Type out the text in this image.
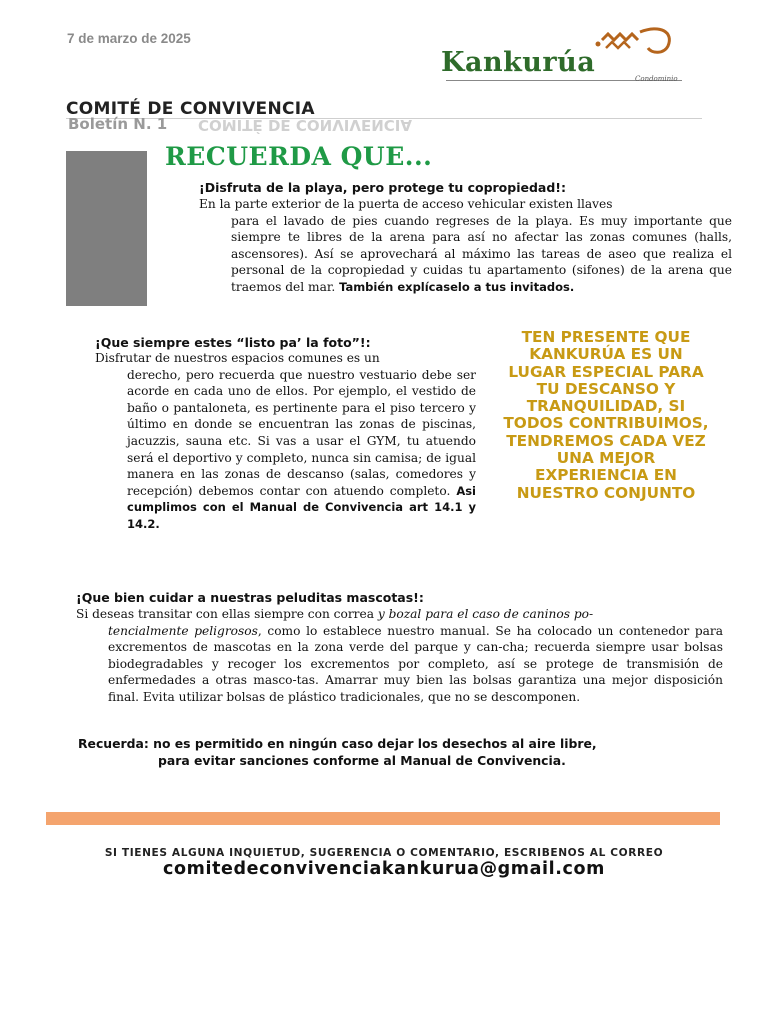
7 de marzo de 2025
Kankurúa
Condominio
COMITÉ DE CONVIVENCIA
COMITÉ DE CONVIVENCIA
Boletín N. 1
RECUERDA QUE...
¡Disfruta de la playa, pero protege tu copropiedad!:
En la parte exterior de la puerta de acceso vehicular existen llaves
para el lavado de pies cuando regreses de la playa. Es muy importante que siempre te libres de la arena para así no afectar las zonas comunes (halls, ascensores). Así se aprovechará al máximo las tareas de aseo que realiza el personal de la copropiedad y cuidas tu apartamento (sifones) de la arena que traemos del mar. También explícaselo a tus invitados.
¡Que siempre estes “listo pa’ la foto”!:
Disfrutar de nuestros espacios comunes es un
derecho, pero recuerda que nuestro vestuario debe ser acorde en cada uno de ellos. Por ejemplo, el vestido de baño o pantaloneta, es pertinente para el piso tercero y último en donde se encuentran las zonas de piscinas, jacuzzis, sauna etc. Si vas a usar el GYM, tu atuendo será el deportivo y completo, nunca sin camisa; de igual manera en las zonas de descanso (salas, comedores y recepción) debemos contar con atuendo completo. Asi cumplimos con el Manual de Convivencia art 14.1 y 14.2.
TEN PRESENTE QUE KANKURÚA ES UN LUGAR ESPECIAL PARA TU DESCANSO Y TRANQUILIDAD, SI TODOS CONTRIBUIMOS, TENDREMOS CADA VEZ UNA MEJOR EXPERIENCIA EN NUESTRO CONJUNTO
¡Que bien cuidar a nuestras peluditas mascotas!:
Si deseas transitar con ellas siempre con correa y bozal para el caso de caninos po-
tencialmente peligrosos, como lo establece nuestro manual. Se ha colocado un contenedor para excrementos de mascotas en la zona verde del parque y can-cha; recuerda siempre usar bolsas biodegradables y recoger los excrementos por completo, así se protege de transmisión de enfermedades a otras masco-tas. Amarrar muy bien las bolsas garantiza una mejor disposición final. Evita utilizar bolsas de plástico tradicionales, que no se descomponen.
Recuerda: no es permitido en ningún caso dejar los desechos al aire libre,
para evitar sanciones conforme al Manual de Convivencia.
SI TIENES ALGUNA INQUIETUD, SUGERENCIA O COMENTARIO, ESCRIBENOS AL CORREO
comitedeconvivenciakankurua@gmail.com
